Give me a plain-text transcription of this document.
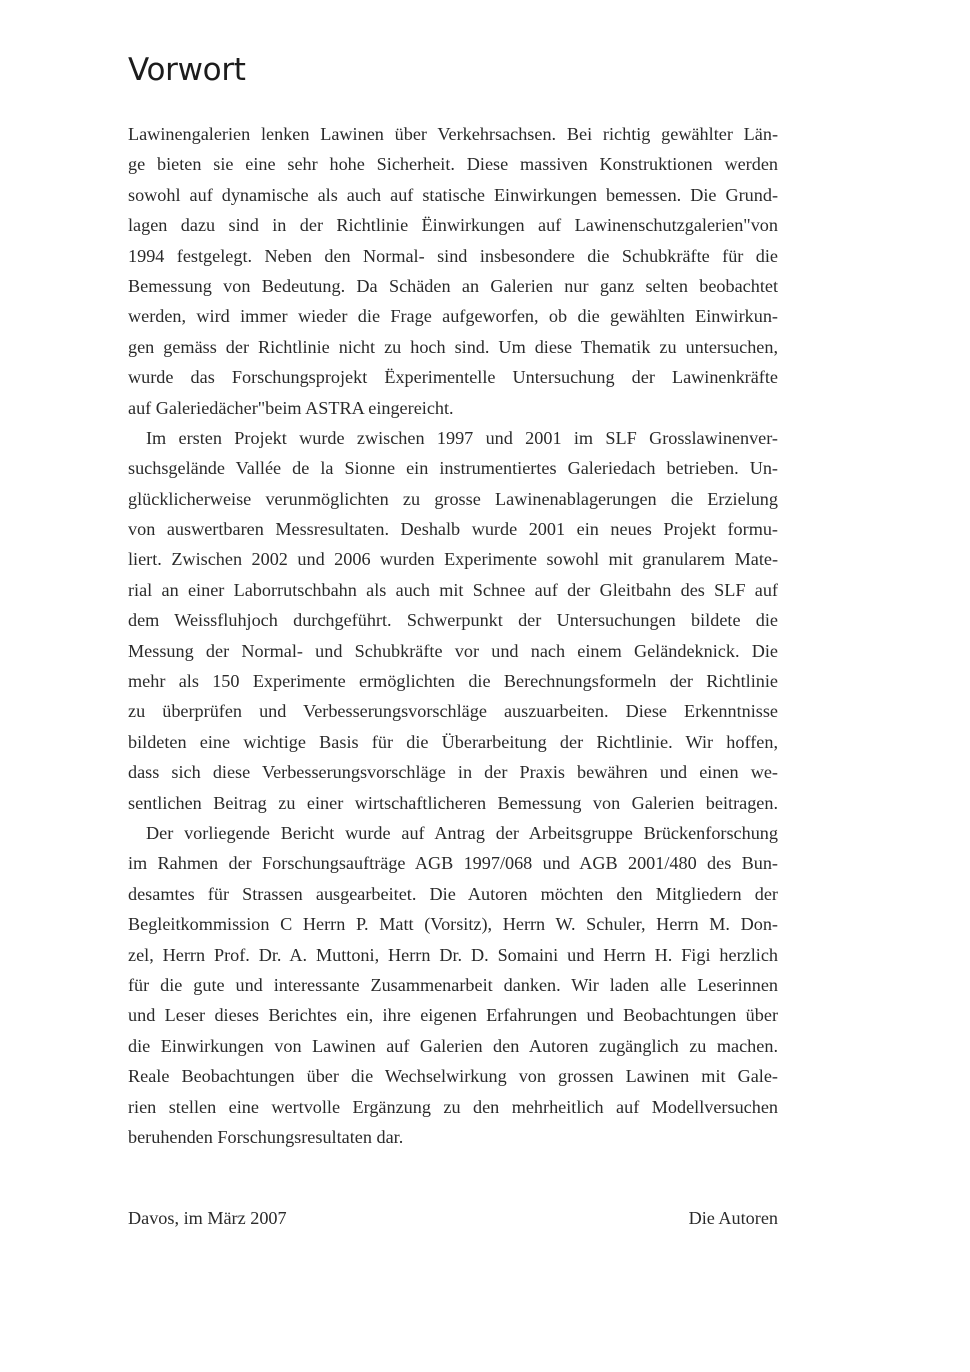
Vorwort
Lawinengalerien lenken Lawinen über Verkehrsachsen. Bei richtig gewählter Län-
ge bieten sie eine sehr hohe Sicherheit. Diese massiven Konstruktionen werden
sowohl auf dynamische als auch auf statische Einwirkungen bemessen. Die Grund-
lagen dazu sind in der Richtlinie Ëinwirkungen auf Lawinenschutzgalerien"von
1994 festgelegt. Neben den Normal- sind insbesondere die Schubkräfte für die
Bemessung von Bedeutung. Da Schäden an Galerien nur ganz selten beobachtet
werden, wird immer wieder die Frage aufgeworfen, ob die gewählten Einwirkun-
gen gemäss der Richtlinie nicht zu hoch sind. Um diese Thematik zu untersuchen,
wurde das Forschungsprojekt Ëxperimentelle Untersuchung der Lawinenkräfte
auf Galeriedächer"beim ASTRA eingereicht.
Im ersten Projekt wurde zwischen 1997 und 2001 im SLF Grosslawinenver-
suchsgelände Vallée de la Sionne ein instrumentiertes Galeriedach betrieben. Un-
glücklicherweise verunmöglichten zu grosse Lawinenablagerungen die Erzielung
von auswertbaren Messresultaten. Deshalb wurde 2001 ein neues Projekt formu-
liert. Zwischen 2002 und 2006 wurden Experimente sowohl mit granularem Mate-
rial an einer Laborrutschbahn als auch mit Schnee auf der Gleitbahn des SLF auf
dem Weissfluhjoch durchgeführt. Schwerpunkt der Untersuchungen bildete die
Messung der Normal- und Schubkräfte vor und nach einem Geländeknick. Die
mehr als 150 Experimente ermöglichten die Berechnungsformeln der Richtlinie
zu überprüfen und Verbesserungsvorschläge auszuarbeiten. Diese Erkenntnisse
bildeten eine wichtige Basis für die Überarbeitung der Richtlinie. Wir hoffen,
dass sich diese Verbesserungsvorschläge in der Praxis bewähren und einen we-
sentlichen Beitrag zu einer wirtschaftlicheren Bemessung von Galerien beitragen.
Der vorliegende Bericht wurde auf Antrag der Arbeitsgruppe Brückenforschung
im Rahmen der Forschungsaufträge AGB 1997/068 und AGB 2001/480 des Bun-
desamtes für Strassen ausgearbeitet. Die Autoren möchten den Mitgliedern der
Begleitkommission C Herrn P. Matt (Vorsitz), Herrn W. Schuler, Herrn M. Don-
zel, Herrn Prof. Dr. A. Muttoni, Herrn Dr. D. Somaini und Herrn H. Figi herzlich
für die gute und interessante Zusammenarbeit danken. Wir laden alle Leserinnen
und Leser dieses Berichtes ein, ihre eigenen Erfahrungen und Beobachtungen über
die Einwirkungen von Lawinen auf Galerien den Autoren zugänglich zu machen.
Reale Beobachtungen über die Wechselwirkung von grossen Lawinen mit Gale-
rien stellen eine wertvolle Ergänzung zu den mehrheitlich auf Modellversuchen
beruhenden Forschungsresultaten dar.
Davos, im März 2007	Die Autoren
